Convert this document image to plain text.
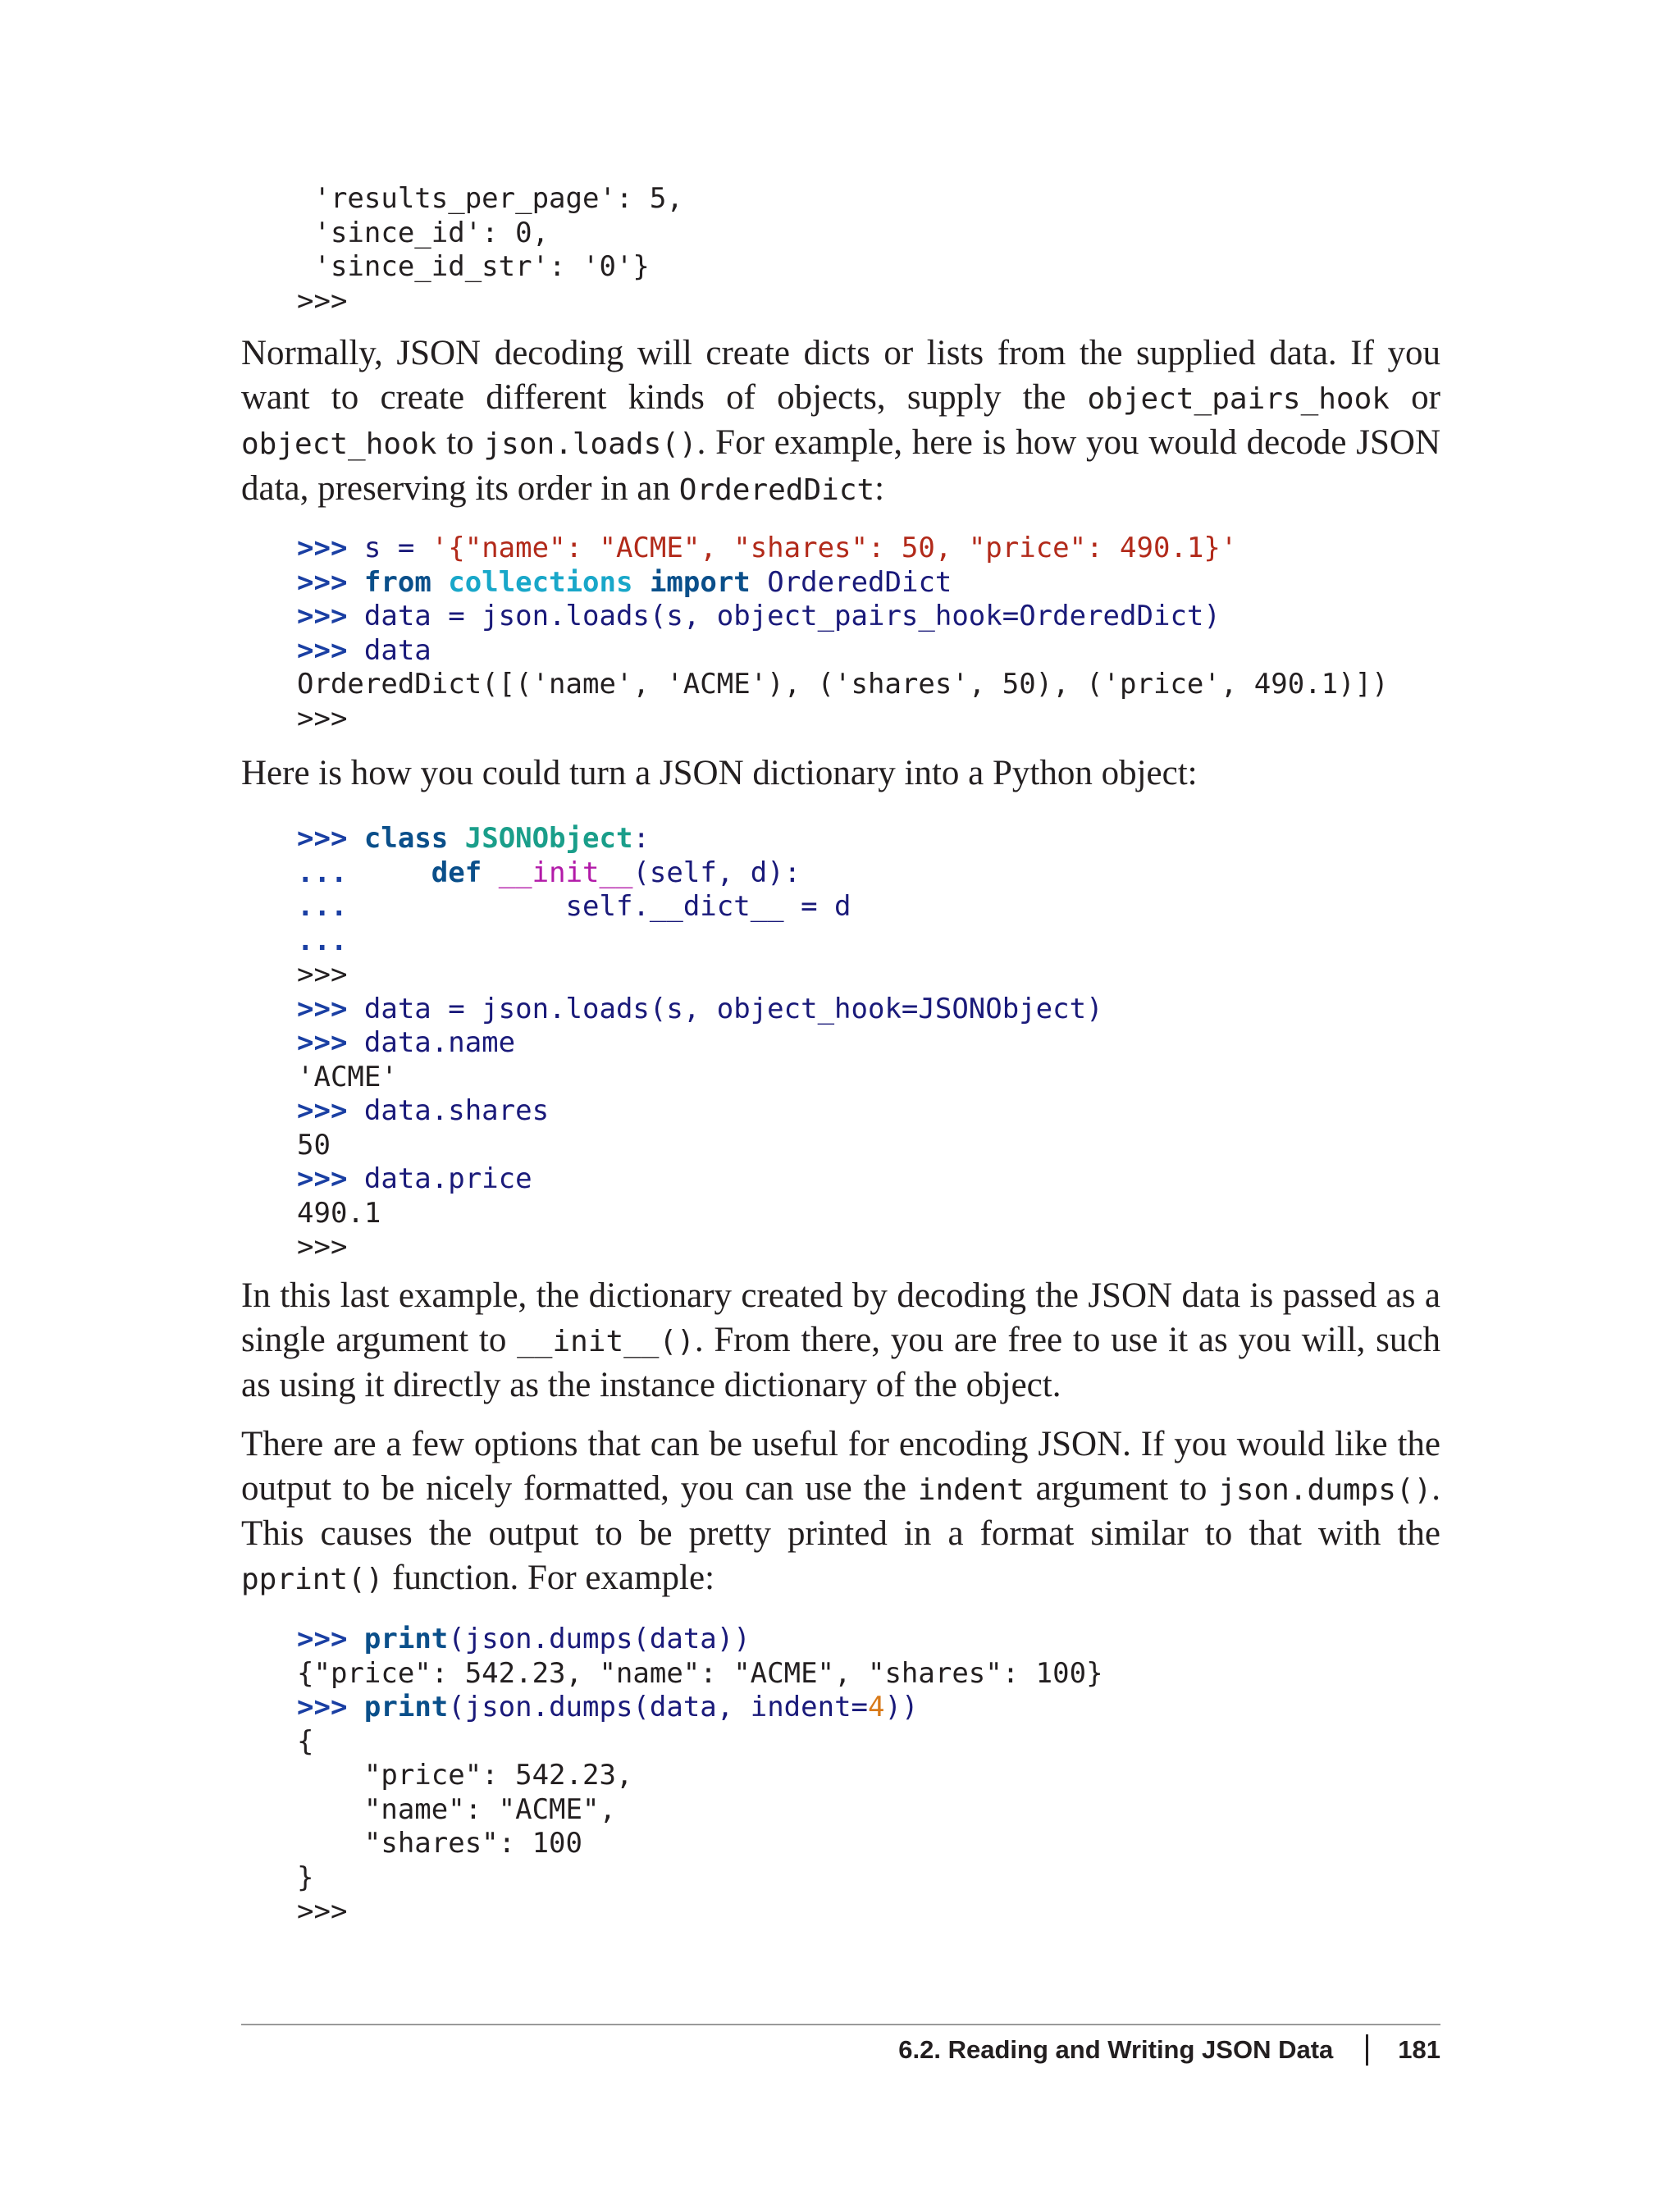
'results_per_page': 5,
'since_id': 0,
'since_id_str': '0'}
>>>

Normally, JSON decoding will create dicts or lists from the supplied data. If you want to create different kinds of objects, supply the object_pairs_hook or object_hook to json.loads(). For example, here is how you would decode JSON data, preserving its order in an OrderedDict:

>>> s = '{"name": "ACME", "shares": 50, "price": 490.1}'
>>> from collections import OrderedDict
>>> data = json.loads(s, object_pairs_hook=OrderedDict)
>>> data
OrderedDict([('name', 'ACME'), ('shares', 50), ('price', 490.1)])
>>>

Here is how you could turn a JSON dictionary into a Python object:

>>> class JSONObject:
...	def __init__(self, d):
...	self.__dict__ = d
...
>>>
>>> data = json.loads(s, object_hook=JSONObject)
>>> data.name
'ACME'
>>> data.shares
50
>>> data.price
490.1
>>>

In this last example, the dictionary created by decoding the JSON data is passed as a single argument to __init__(). From there, you are free to use it as you will, such as using it directly as the instance dictionary of the object.

There are a few options that can be useful for encoding JSON. If you would like the output to be nicely formatted, you can use the indent argument to json.dumps(). This causes the output to be pretty printed in a format similar to that with the pprint() function. For example:

>>> print(json.dumps(data))
{"price": 542.23, "name": "ACME", "shares": 100}
>>> print(json.dumps(data, indent=4))
{
"price": 542.23,
"name": "ACME",
"shares": 100
}
>>>
6.2. Reading and Writing JSON Data	181
